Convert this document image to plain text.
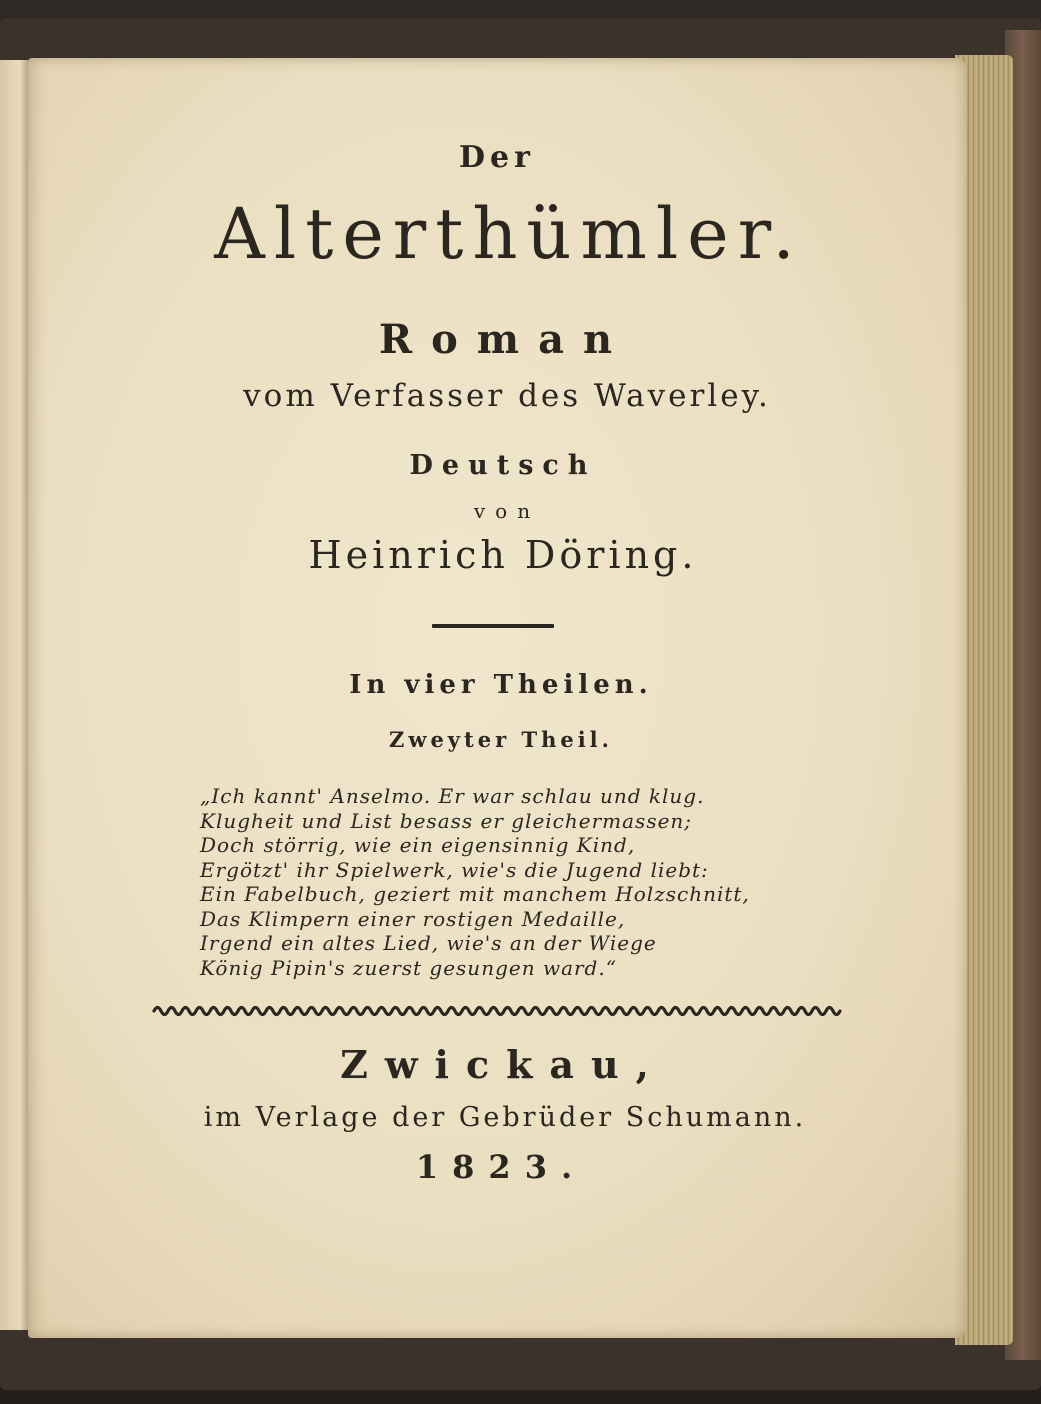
Der
Alterthümler.
Roman
vom Verfasser des Waverley.
Deutsch
von
Heinrich Döring.
In vier Theilen.
Zweyter Theil.
„Ich kannt' Anselmo. Er war schlau und klug.
Klugheit und List besass er gleichermassen;
Doch störrig, wie ein eigensinnig Kind,
Ergötzt' ihr Spielwerk, wie's die Jugend liebt:
Ein Fabelbuch, geziert mit manchem Holzschnitt,
Das Klimpern einer rostigen Medaille,
Irgend ein altes Lied, wie's an der Wiege
König Pipin's zuerst gesungen ward.“
Zwickau,
im Verlage der Gebrüder Schumann.
1823.
